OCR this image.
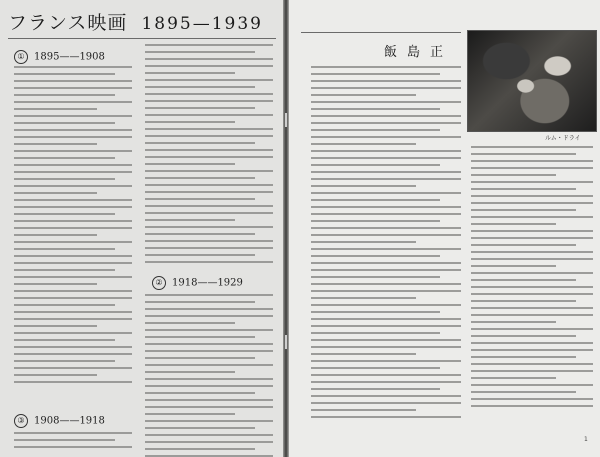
フランス映画 1895—1939
① 1895——1908
② 1918——1929
③ 1908——1918
飯島正
ルム・ドライ
1
